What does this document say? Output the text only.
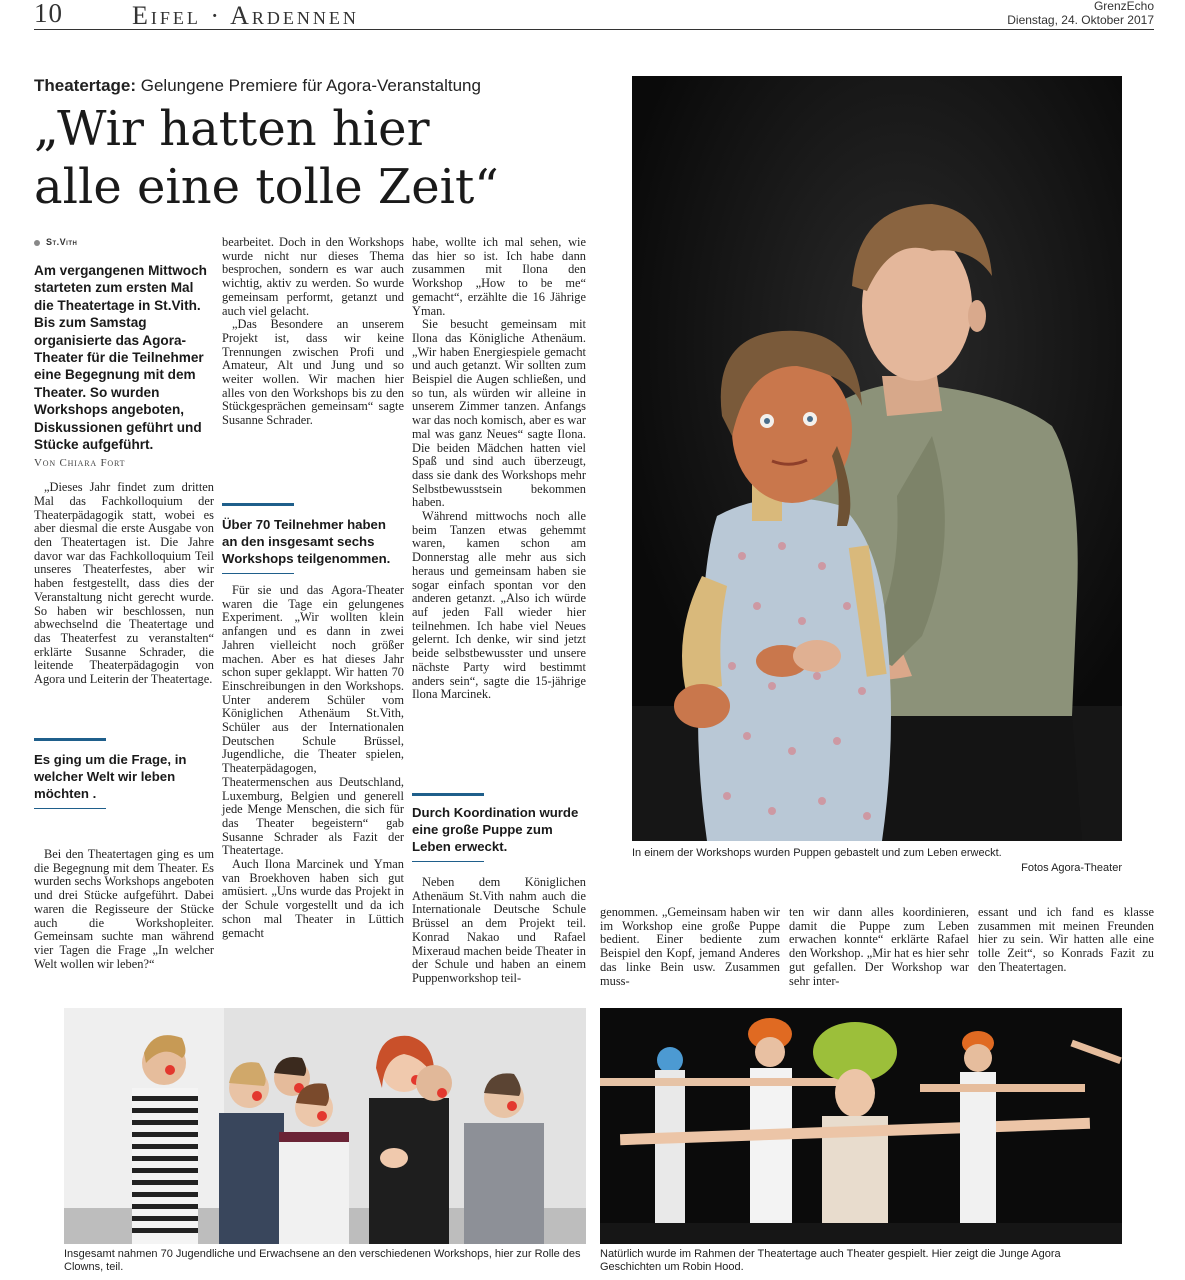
10	Eifel · Ardennen	GrenzEcho
Dienstag, 24. Oktober 2017
Theatertage: Gelungene Premiere für Agora-Veranstaltung
„Wir hatten hier
alle eine tolle Zeit“
St.Vith

Am vergangenen Mittwoch starteten zum ersten Mal die Theatertage in St.Vith. Bis zum Samstag organisierte das Agora-Theater für die Teilnehmer eine Begegnung mit dem Theater. So wurden Workshops angeboten, Diskussionen geführt und Stücke aufgeführt.

Von Chiara Fort

„Dieses Jahr findet zum dritten Mal das Fachkolloquium der Theaterpädagogik statt, wobei es aber diesmal die erste Ausgabe von den Theatertagen ist. Die Jahre davor war das Fachkolloquium Teil unseres Theaterfestes, aber wir haben festgestellt, dass dies der Veranstaltung nicht gerecht wurde. So haben wir beschlossen, nun abwechselnd die Theatertage und das Theaterfest zu veranstalten“ erklärte Susanne Schrader, die leitende Theaterpädagogin von Agora und Leiterin der Theatertage.

Es ging um die Frage, in welcher Welt wir leben möchten .

Bei den Theatertagen ging es um die Begegnung mit dem Theater. Es wurden sechs Workshops angeboten und drei Stücke aufgeführt. Dabei waren die Regisseure der Stücke auch die Workshopleiter. Gemeinsam suchte man während vier Tagen die Frage „In welcher Welt wollen wir leben?“

bearbeitet. Doch in den Workshops wurde nicht nur dieses Thema besprochen, sondern es war auch wichtig, aktiv zu werden. So wurde gemeinsam performt, getanzt und auch viel gelacht.

„Das Besondere an unserem Projekt ist, dass wir keine Trennungen zwischen Profi und Amateur, Alt und Jung und so weiter wollen. Wir machen hier alles von den Workshops bis zu den Stückgesprächen gemeinsam“ sagte Susanne Schrader.

Über 70 Teilnehmer haben an den insgesamt sechs Workshops teilgenommen.

Für sie und das Agora-Theater waren die Tage ein gelungenes Experiment. „Wir wollten klein anfangen und es dann in zwei Jahren vielleicht noch größer machen. Aber es hat dieses Jahr schon super geklappt. Wir hatten 70 Einschreibungen in den Workshops. Unter anderem Schüler vom Königlichen Athenäum St.Vith, Schüler aus der Internationalen Deutschen Schule Brüssel, Jugendliche, die Theater spielen, Theaterpädagogen, Theatermenschen aus Deutschland, Luxemburg, Belgien und generell jede Menge Menschen, die sich für das Theater begeistern“ gab Susanne Schrader als Fazit der Theatertage.

Auch Ilona Marcinek und Yman van Broekhoven haben sich gut amüsiert. „Uns wurde das Projekt in der Schule vorgestellt und da ich schon mal Theater in Lüttich gemacht

habe, wollte ich mal sehen, wie das hier so ist. Ich habe dann zusammen mit Ilona den Workshop „How to be me“ gemacht“, erzählte die 16 Jährige Yman.

Sie besucht gemeinsam mit Ilona das Königliche Athenäum. „Wir haben Energiespiele gemacht und auch getanzt. Wir sollten zum Beispiel die Augen schließen, und so tun, als würden wir alleine in unserem Zimmer tanzen. Anfangs war das noch komisch, aber es war mal was ganz Neues“ sagte Ilona. Die beiden Mädchen hatten viel Spaß und sind auch überzeugt, dass sie dank des Workshops mehr Selbstbewusstsein bekommen haben.

Während mittwochs noch alle beim Tanzen etwas gehemmt waren, kamen schon am Donnerstag alle mehr aus sich heraus und gemeinsam haben sie sogar einfach spontan vor den anderen getanzt. „Also ich würde auf jeden Fall wieder hier teilnehmen. Ich habe viel Neues gelernt. Ich denke, wir sind jetzt beide selbstbewusster und unsere nächste Party wird bestimmt anders sein“, sagte die 15-jährige Ilona Marcinek.

Durch Koordination wurde eine große Puppe zum Leben erweckt.

Neben dem Königlichen Athenäum St.Vith nahm auch die Internationale Deutsche Schule Brüssel an dem Projekt teil. Konrad Nakao und Rafael Mixeraud machen beide Theater in der Schule und haben an einem Puppenworkshop teil-

In einem der Workshops wurden Puppen gebastelt und zum Leben erweckt.
Fotos Agora-Theater

genommen. „Gemeinsam haben wir im Workshop eine große Puppe bedient. Einer bediente zum Beispiel den Kopf, jemand Anderes das linke Bein usw. Zusammen muss-

ten wir dann alles koordinieren, damit die Puppe zum Leben erwachen konnte“ erklärte Rafael den Workshop. „Mir hat es hier sehr gut gefallen. Der Workshop war sehr inter-

essant und ich fand es klasse zusammen mit meinen Freunden hier zu sein. Wir hatten alle eine tolle Zeit“, so Konrads Fazit zu den Theatertagen.

Insgesamt nahmen 70 Jugendliche und Erwachsene an den verschiedenen Workshops, hier zur Rolle des Clowns, teil.
Natürlich wurde im Rahmen der Theatertage auch Theater gespielt. Hier zeigt die Junge Agora Geschichten um Robin Hood.
